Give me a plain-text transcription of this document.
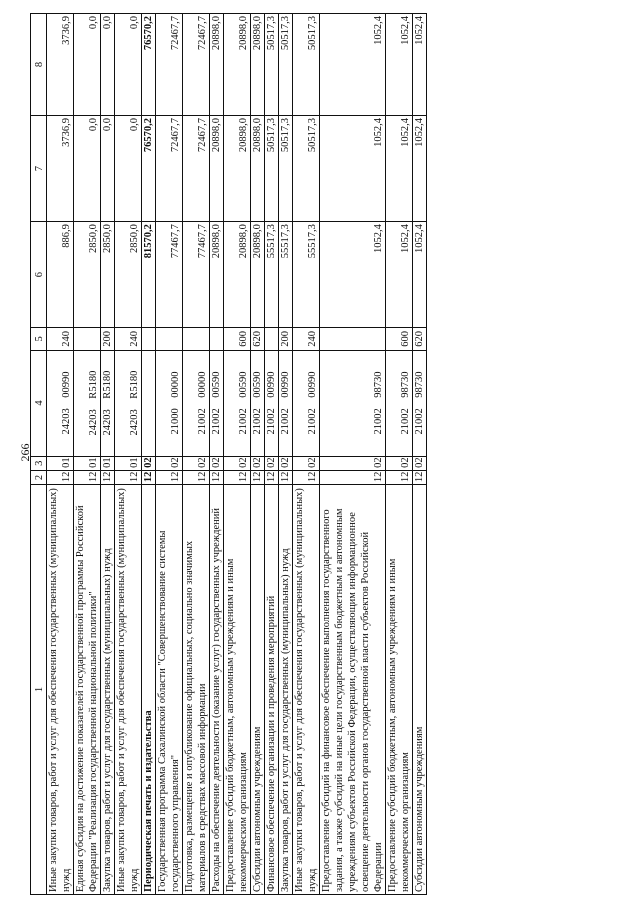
266
1	2	3	4	5	6	7	8
Иные закупки товаров, работ и услуг для обеспечения государственных (муниципальных) нужд	12	01	24203    00990	240	886,9	3736,9	3736,9
Единая субсидия на достижение показателей государственной программы Российской Федерации "Реализация государственной национальной политики"	12	01	24203    R5180		2850,0	0,0	0,0
Закупка товаров, работ и услуг для государственных (муниципальных) нужд	12	01	24203    R5180	200	2850,0	0,0	0,0
Иные закупки товаров, работ и услуг для обеспечения государственных (муниципальных) нужд	12	01	24203    R5180	240	2850,0	0,0	0,0
Периодическая печать и издательства	12	02			81570,2	76570,2	76570,2
Государственная программа Сахалинской области "Совершенствование системы государственного управления"	12	02	21000    00000		77467,7	72467,7	72467,7
Подготовка, размещение и опубликование официальных, социально значимых материалов в средствах массовой информации	12	02	21002    00000		77467,7	72467,7	72467,7
Расходы на обеспечение деятельности (оказание услуг) государственных учреждений	12	02	21002    00590		20898,0	20898,0	20898,0
Предоставление субсидий бюджетным, автономным учреждениям и иным некоммерческим организациям	12	02	21002    00590	600	20898,0	20898,0	20898,0
Субсидии автономным учреждениям	12	02	21002    00590	620	20898,0	20898,0	20898,0
Финансовое обеспечение организации и проведения мероприятий	12	02	21002    00990		55517,3	50517,3	50517,3
Закупка товаров, работ и услуг для государственных (муниципальных) нужд	12	02	21002    00990	200	55517,3	50517,3	50517,3
Иные закупки товаров, работ и услуг для обеспечения государственных (муниципальных) нужд	12	02	21002    00990	240	55517,3	50517,3	50517,3
Предоставление субсидий на финансовое обеспечение выполнения государственного задания, а также субсидий на иные цели государственным бюджетным и автономным учреждениям субъектов Российской Федерации, осуществляющим информационное освещение деятельности органов государственной власти субъектов Российской Федерации	12	02	21002    98730		1052,4	1052,4	1052,4
Предоставление субсидий бюджетным, автономным учреждениям и иным некоммерческим организациям	12	02	21002    98730	600	1052,4	1052,4	1052,4
Субсидии автономным учреждениям	12	02	21002    98730	620	1052,4	1052,4	1052,4
